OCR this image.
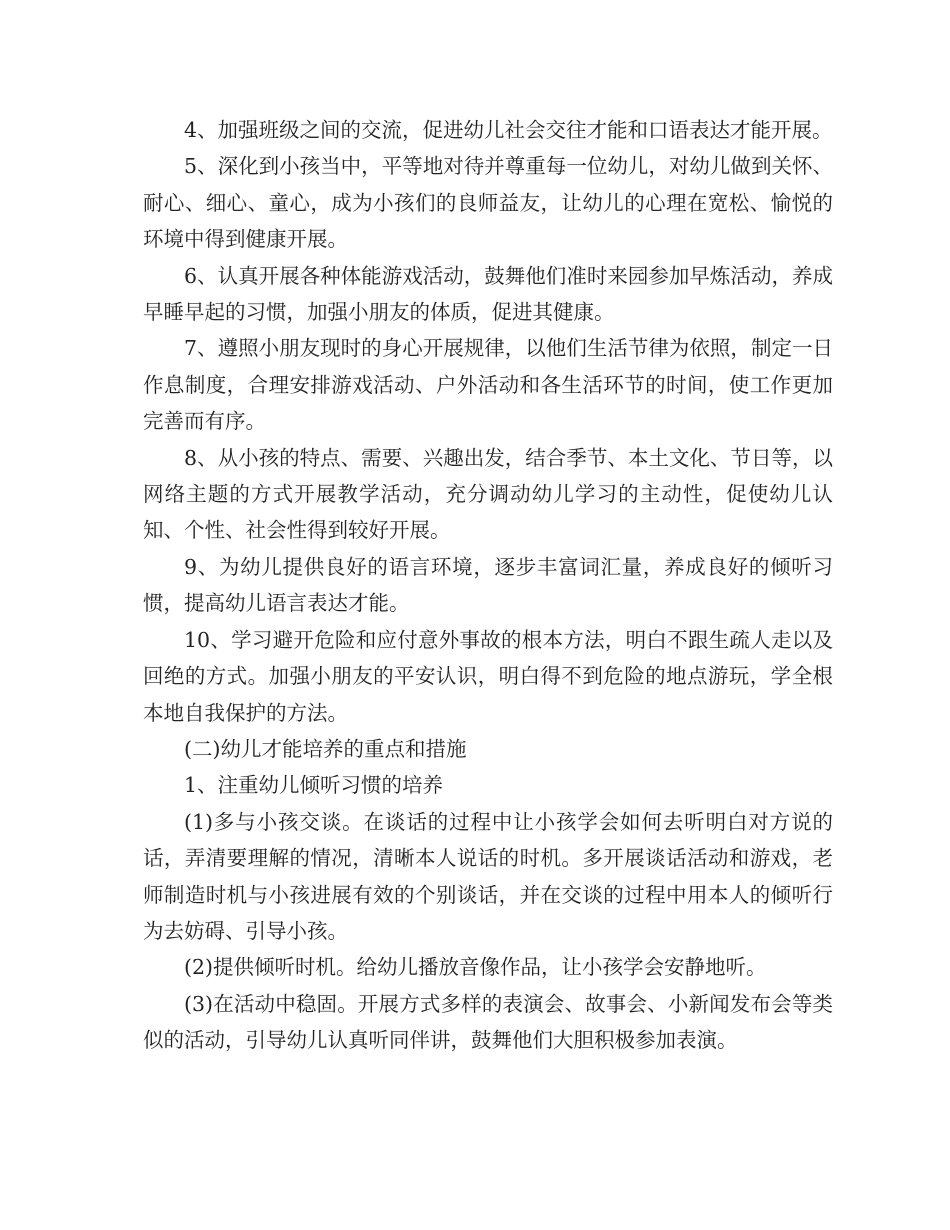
4、加强班级之间的交流，促进幼儿社会交往才能和口语表达才能开展。

5、深化到小孩当中，平等地对待并尊重每一位幼儿，对幼儿做到关怀、耐心、细心、童心，成为小孩们的良师益友，让幼儿的心理在宽松、愉悦的环境中得到健康开展。

6、认真开展各种体能游戏活动，鼓舞他们准时来园参加早炼活动，养成早睡早起的习惯，加强小朋友的体质，促进其健康。

7、遵照小朋友现时的身心开展规律，以他们生活节律为依照，制定一日作息制度，合理安排游戏活动、户外活动和各生活环节的时间，使工作更加完善而有序。

8、从小孩的特点、需要、兴趣出发，结合季节、本土文化、节日等，以网络主题的方式开展教学活动，充分调动幼儿学习的主动性，促使幼儿认知、个性、社会性得到较好开展。

9、为幼儿提供良好的语言环境，逐步丰富词汇量，养成良好的倾听习惯，提高幼儿语言表达才能。

10、学习避开危险和应付意外事故的根本方法，明白不跟生疏人走以及回绝的方式。加强小朋友的平安认识，明白得不到危险的地点游玩，学全根本地自我保护的方法。

(二)幼儿才能培养的重点和措施

1、注重幼儿倾听习惯的培养

(1)多与小孩交谈。在谈话的过程中让小孩学会如何去听明白对方说的话，弄清要理解的情况，清晰本人说话的时机。多开展谈话活动和游戏，老师制造时机与小孩进展有效的个别谈话，并在交谈的过程中用本人的倾听行为去妨碍、引导小孩。

(2)提供倾听时机。给幼儿播放音像作品，让小孩学会安静地听。

(3)在活动中稳固。开展方式多样的表演会、故事会、小新闻发布会等类似的活动，引导幼儿认真听同伴讲，鼓舞他们大胆积极参加表演。
